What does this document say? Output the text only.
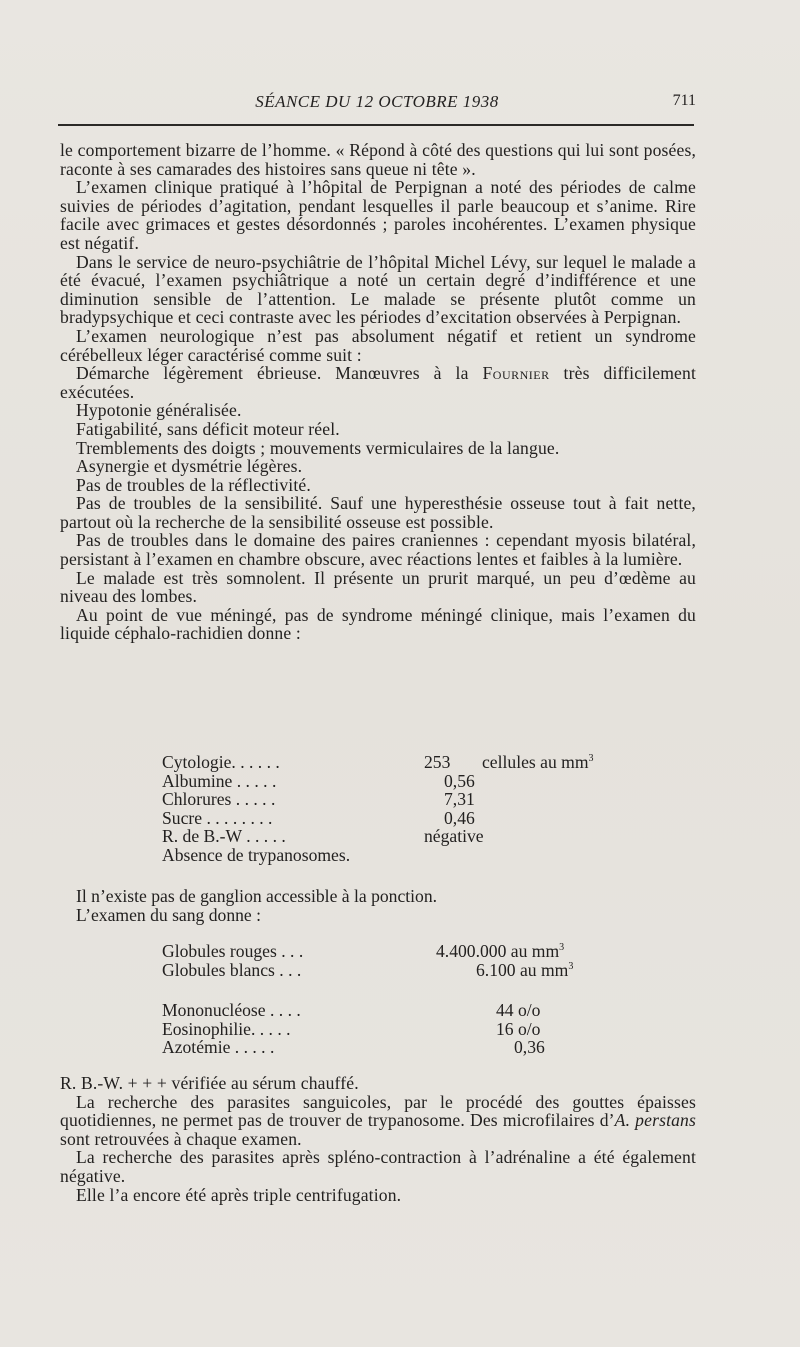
SÉANCE DU 12 OCTOBRE 1938	711

le comportement bizarre de l’homme. « Répond à côté des questions qui lui sont posées, raconte à ses camarades des histoires sans queue ni tête ».

L’examen clinique pratiqué à l’hôpital de Perpignan a noté des périodes de calme suivies de périodes d’agitation, pendant lesquelles il parle beaucoup et s’anime. Rire facile avec grimaces et gestes désordonnés ; paroles incohérentes. L’examen physique est négatif.

Dans le service de neuro-psychiâtrie de l’hôpital Michel Lévy, sur lequel le malade a été évacué, l’examen psychiâtrique a noté un certain degré d’indifférence et une diminution sensible de l’attention. Le malade se présente plutôt comme un bradypsychique et ceci contraste avec les périodes d’excitation observées à Perpignan.

L’examen neurologique n’est pas absolument négatif et retient un syndrome cérébelleux léger caractérisé comme suit :

Démarche légèrement ébrieuse. Manœuvres à la Fournier très difficilement exécutées.

Hypotonie généralisée.

Fatigabilité, sans déficit moteur réel.

Tremblements des doigts ; mouvements vermiculaires de la langue.

Asynergie et dysmétrie légères.

Pas de troubles de la réflectivité.

Pas de troubles de la sensibilité. Sauf une hyperesthésie osseuse tout à fait nette, partout où la recherche de la sensibilité osseuse est possible.

Pas de troubles dans le domaine des paires craniennes : cependant myosis bilatéral, persistant à l’examen en chambre obscure, avec réactions lentes et faibles à la lumière.

Le malade est très somnolent. Il présente un prurit marqué, un peu d’œdème au niveau des lombes.

Au point de vue méningé, pas de syndrome méningé clinique, mais l’examen du liquide céphalo-rachidien donne :

Cytologie. . . . . .	253 cellules au $mm^3$
Albumine . . . . .	0,56
Chlorures . . . . .	7,31
Sucre . . . . . . . .	0,46
R. de B.-W . . . . .	négative
Absence de trypanosomes.

Il n’existe pas de ganglion accessible à la ponction.

L’examen du sang donne :

Globules rouges . . .	4.400.000 au $mm^3$
Globules blancs . . .	6.100 au $mm^3$
Mononucléose . . . .	44 o/o
Eosinophilie. . . . .	16 o/o
Azotémie . . . . .	0,36

R. B.-W. + + + vérifiée au sérum chauffé.

La recherche des parasites sanguicoles, par le procédé des gouttes épaisses quotidiennes, ne permet pas de trouver de trypanosome. Des microfilaires d’A. perstans sont retrouvées à chaque examen.

La recherche des parasites après spléno-contraction à l’adrénaline a été également négative.

Elle l’a encore été après triple centrifugation.
